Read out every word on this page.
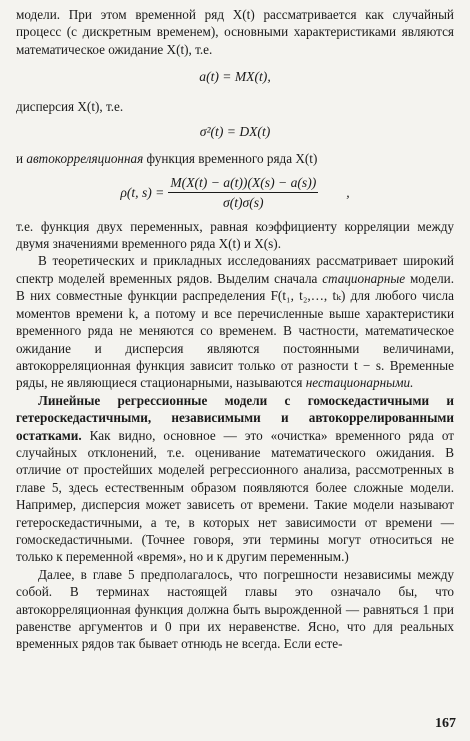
модели. При этом временной ряд X(t) рассматривается как случайный процесс (с дискретным временем), основными характеристиками являются математическое ожидание X(t), т.е.

a(t) = MX(t),

дисперсия X(t), т.е.

σ²(t) = DX(t)

и автокорреляционная функция временного ряда X(t)

ρ(t, $s) = \frac{M(X(t) - a(t))(X(s) - a(s))}{\sigma(t)\sigma(s)}$ ,

т.е. функция двух переменных, равная коэффициенту корреляции между двумя значениями временного ряда X(t) и X(s).

В теоретических и прикладных исследованиях рассматривает широкий спектр моделей временных рядов. Выделим сначала стационарные модели. В них совместные функции распределения F(t₁, t₂,…, tₖ) для любого числа моментов времени k, а потому и все перечисленные выше характеристики временного ряда не меняются со временем. В частности, математическое ожидание и дисперсия являются постоянными величинами, автокорреляционная функция зависит только от разности t − s. Временные ряды, не являющиеся стационарными, называются нестационарными.

Линейные регрессионные модели с гомоскедастичными и гетероскедастичными, независимыми и автокоррелированными остатками. Как видно, основное — это «очистка» временного ряда от случайных отклонений, т.е. оценивание математического ожидания. В отличие от простейших моделей регрессионного анализа, рассмотренных в главе 5, здесь естественным образом появляются более сложные модели. Например, дисперсия может зависеть от времени. Такие модели называют гетероскедастичными, а те, в которых нет зависимости от времени — гомоскедастичными. (Точнее говоря, эти термины могут относиться не только к переменной «время», но и к другим переменным.)

Далее, в главе 5 предполагалось, что погрешности независимы между собой. В терминах настоящей главы это означало бы, что автокорреляционная функция должна быть вырожденной — равняться 1 при равенстве аргументов и 0 при их неравенстве. Ясно, что для реальных временных рядов так бывает отнюдь не всегда. Если есте-

167
